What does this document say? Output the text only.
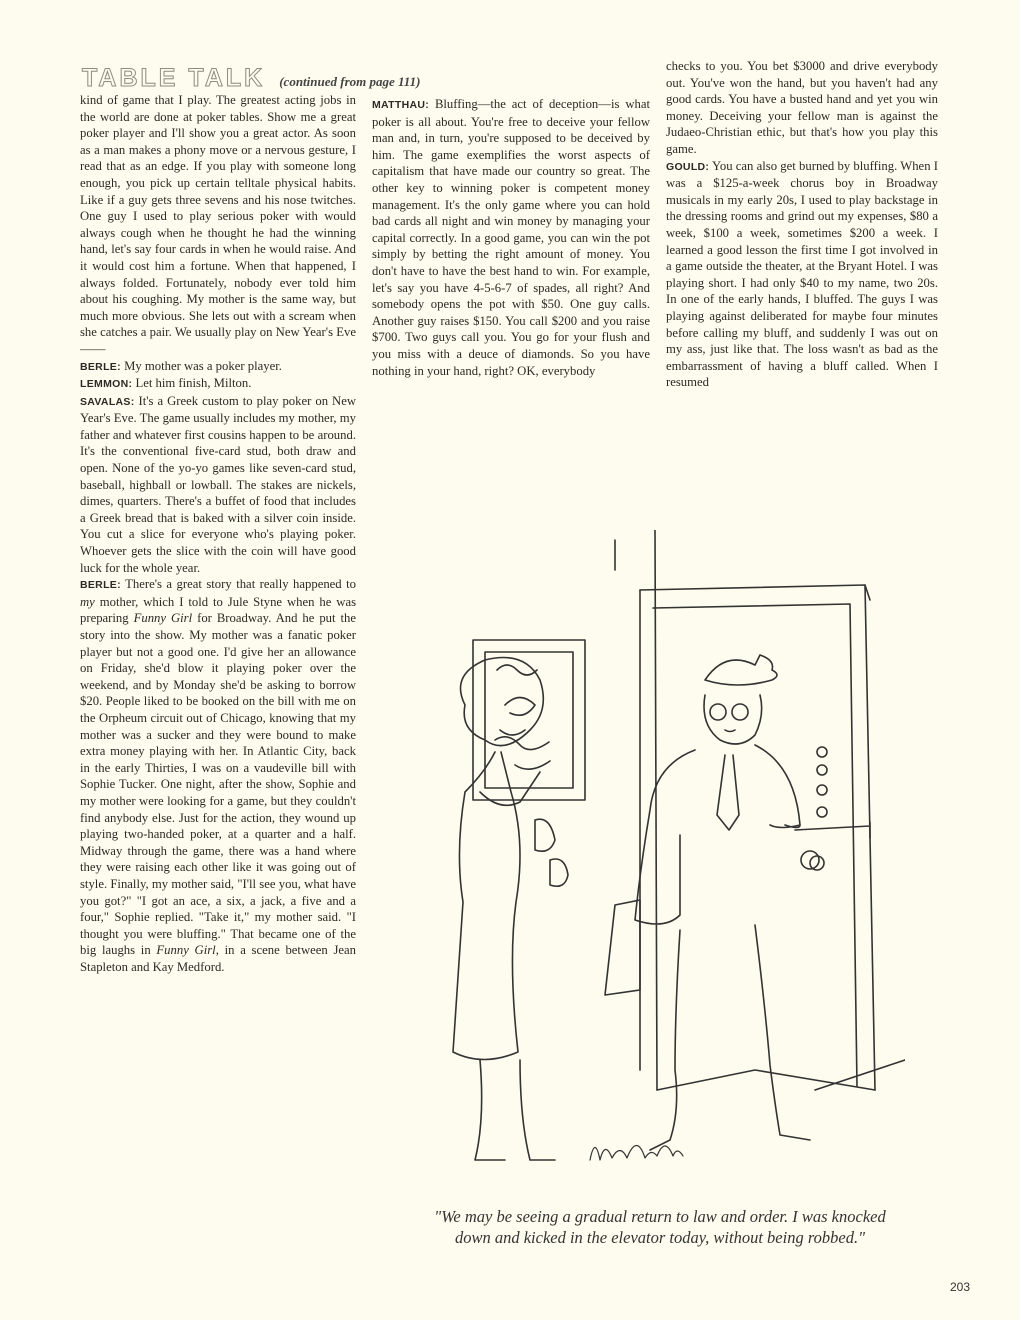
TABLE TALK (continued from page 111)

kind of game that I play. The greatest acting jobs in the world are done at poker tables. Show me a great poker player and I'll show you a great actor. As soon as a man makes a phony move or a nervous gesture, I read that as an edge. If you play with someone long enough, you pick up certain telltale physical habits. Like if a guy gets three sevens and his nose twitches. One guy I used to play serious poker with would always cough when he thought he had the winning hand, let's say four cards in when he would raise. And it would cost him a fortune. When that happened, I always folded. Fortunately, nobody ever told him about his coughing. My mother is the same way, but much more obvious. She lets out with a scream when she catches a pair. We usually play on New Year's Eve——

BERLE: My mother was a poker player.

LEMMON: Let him finish, Milton.

SAVALAS: It's a Greek custom to play poker on New Year's Eve. The game usually includes my mother, my father and whatever first cousins happen to be around. It's the conventional five-card stud, both draw and open. None of the yo-yo games like seven-card stud, baseball, highball or lowball. The stakes are nickels, dimes, quarters. There's a buffet of food that includes a Greek bread that is baked with a silver coin inside. You cut a slice for everyone who's playing poker. Whoever gets the slice with the coin will have good luck for the whole year.

BERLE: There's a great story that really happened to my mother, which I told to Jule Styne when he was preparing Funny Girl for Broadway. And he put the story into the show. My mother was a fanatic poker player but not a good one. I'd give her an allowance on Friday, she'd blow it playing poker over the weekend, and by Monday she'd be asking to borrow $20. People liked to be booked on the bill with me on the Orpheum circuit out of Chicago, knowing that my mother was a sucker and they were bound to make extra money playing with her. In Atlantic City, back in the early Thirties, I was on a vaudeville bill with Sophie Tucker. One night, after the show, Sophie and my mother were looking for a game, but they couldn't find anybody else. Just for the action, they wound up playing two-handed poker, at a quarter and a half. Midway through the game, there was a hand where they were raising each other like it was going out of style. Finally, my mother said, "I'll see you, what have you got?" "I got an ace, a six, a jack, a five and a four," Sophie replied. "Take it," my mother said. "I thought you were bluffing." That became one of the big laughs in Funny Girl, in a scene between Jean Stapleton and Kay Medford.

MATTHAU: Bluffing—the act of deception—is what poker is all about. You're free to deceive your fellow man and, in turn, you're supposed to be deceived by him. The game exemplifies the worst aspects of capitalism that have made our country so great. The other key to winning poker is competent money management. It's the only game where you can hold bad cards all night and win money by managing your capital correctly. In a good game, you can win the pot simply by betting the right amount of money. You don't have to have the best hand to win. For example, let's say you have 4-5-6-7 of spades, all right? And somebody opens the pot with $50. One guy calls. Another guy raises $150. You call $200 and you raise $700. Two guys call you. You go for your flush and you miss with a deuce of diamonds. So you have nothing in your hand, right? OK, everybody

checks to you. You bet $3000 and drive everybody out. You've won the hand, but you haven't had any good cards. You have a busted hand and yet you win money. Deceiving your fellow man is against the Judaeo-Christian ethic, but that's how you play this game.

GOULD: You can also get burned by bluffing. When I was a $125-a-week chorus boy in Broadway musicals in my early 20s, I used to play backstage in the dressing rooms and grind out my expenses, $80 a week, $100 a week, sometimes $200 a week. I learned a good lesson the first time I got involved in a game outside the theater, at the Bryant Hotel. I was playing short. I had only $40 to my name, two 20s. In one of the early hands, I bluffed. The guys I was playing against deliberated for maybe four minutes before calling my bluff, and suddenly I was out on my ass, just like that. The loss wasn't as bad as the embarrassment of having a bluff called. When I resumed

"We may be seeing a gradual return to law and order. I was knocked down and kicked in the elevator today, without being robbed."
203
